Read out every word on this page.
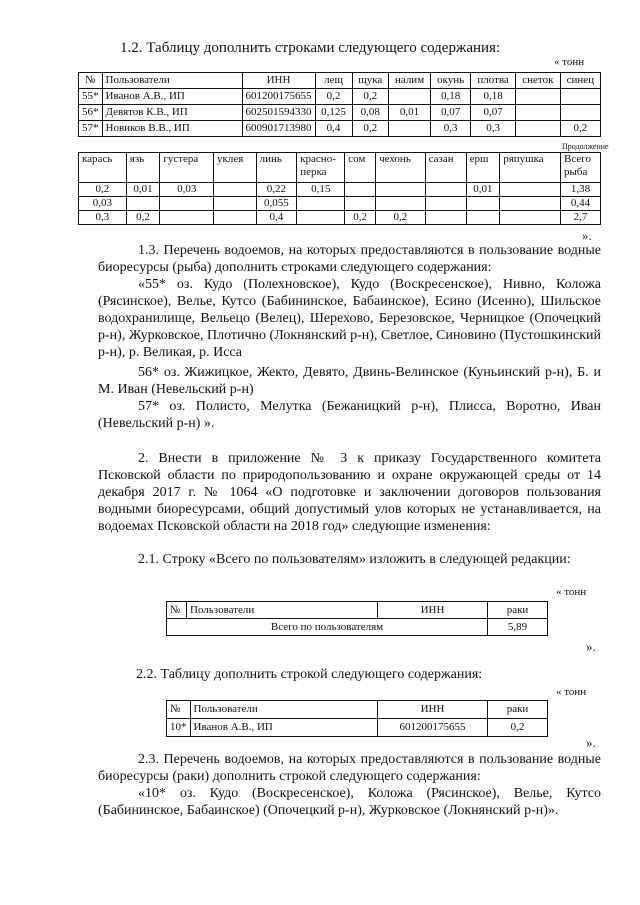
1.2. Таблицу дополнить строками следующего содержания:
« тонн
№	Пользователи	ИНН	лещ	щука	налим	окунь	плотва	снеток	синец
55*	Иванов А.В., ИП	601200175655	0,2	0,2		0,18	0,18		
56*	Девятов К.В., ИП	602501594330	0,125	0,08	0,01	0,07	0,07		
57*	Новиков В.В., ИП	600901713980	0,4	0,2		0,3	0,3		0,2
Продолжение
карась	язь	густера	уклея	линь	красно-перка	сом	чехонь	сазан	ерш	ряпушка	Всего рыба
0,2	0,01	0,03		0,22	0,15				0,01		1,38
0,03				0,055							0,44
0,3	0,2			0,4		0,2	0,2				2,7
».
1.3. Перечень водоемов, на которых предоставляются в пользование водные биоресурсы (рыба) дополнить строками следующего содержания:
«55* оз. Кудо (Полехновское), Кудо (Воскресенское), Нивно, Коложа (Рясинское), Велье, Кутсо (Бабининское, Бабаинское), Есино (Исенно), Шильское водохранилище, Вельецо (Велец), Шерехово, Березовское, Черницкое (Опочецкий р-н), Журковское, Плотично (Локнянский р-н), Светлое, Синовино (Пустошкинский р-н), р. Великая, р. Исса
56* оз. Жижицкое, Жекто, Девято, Двинь-Велинское (Куньинский р-н), Б. и М. Иван (Невельский р-н)
57* оз. Полисто, Мелутка (Бежаницкий р-н), Плисса, Воротно, Иван (Невельский р-н) ».
2. Внести в приложение № 3 к приказу Государственного комитета Псковской области по природопользованию и охране окружающей среды от 14 декабря 2017 г. № 1064 «О подготовке и заключении договоров пользования водными биоресурсами, общий допустимый улов которых не устанавливается, на водоемах Псковской области на 2018 год» следующие изменения:
2.1. Строку «Всего по пользователям» изложить в следующей редакции:
« тонн
№	Пользователи	ИНН	раки
Всего по пользователям			5,89
».
2.2. Таблицу дополнить строкой следующего содержания:
« тонн
№	Пользователи	ИНН	раки
10*	Иванов А.В., ИП	601200175655	0,2
».
2.3. Перечень водоемов, на которых предоставляются в пользование водные биоресурсы (раки) дополнить строкой следующего содержания:
«10* оз. Кудо (Воскресенское), Коложа (Рясинское), Велье, Кутсо (Бабининское, Бабаинское) (Опочецкий р-н), Журковское (Локнянский р-н)».
